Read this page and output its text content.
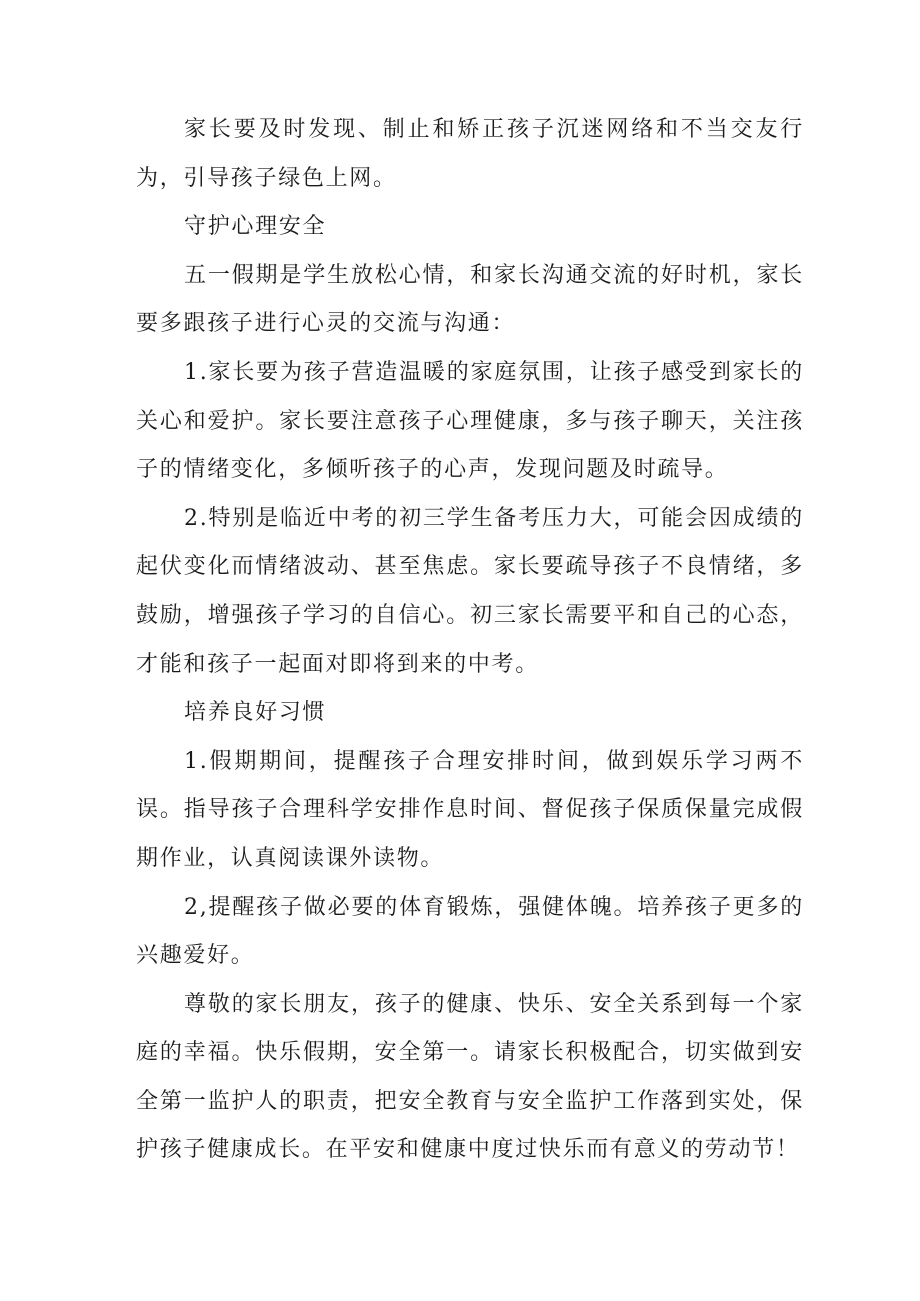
家长要及时发现、制止和矫正孩子沉迷网络和不当交友行为，引导孩子绿色上网。

守护心理安全

五一假期是学生放松心情，和家长沟通交流的好时机，家长要多跟孩子进行心灵的交流与沟通：

1.家长要为孩子营造温暖的家庭氛围，让孩子感受到家长的关心和爱护。家长要注意孩子心理健康，多与孩子聊天，关注孩子的情绪变化，多倾听孩子的心声，发现问题及时疏导。

2.特别是临近中考的初三学生备考压力大，可能会因成绩的起伏变化而情绪波动、甚至焦虑。家长要疏导孩子不良情绪，多鼓励，增强孩子学习的自信心。初三家长需要平和自己的心态，才能和孩子一起面对即将到来的中考。

培养良好习惯

1.假期期间，提醒孩子合理安排时间，做到娱乐学习两不误。指导孩子合理科学安排作息时间、督促孩子保质保量完成假期作业，认真阅读课外读物。

2,提醒孩子做必要的体育锻炼，强健体魄。培养孩子更多的兴趣爱好。

尊敬的家长朋友，孩子的健康、快乐、安全关系到每一个家庭的幸福。快乐假期，安全第一。请家长积极配合，切实做到安全第一监护人的职责，把安全教育与安全监护工作落到实处，保护孩子健康成长。在平安和健康中度过快乐而有意义的劳动节！
